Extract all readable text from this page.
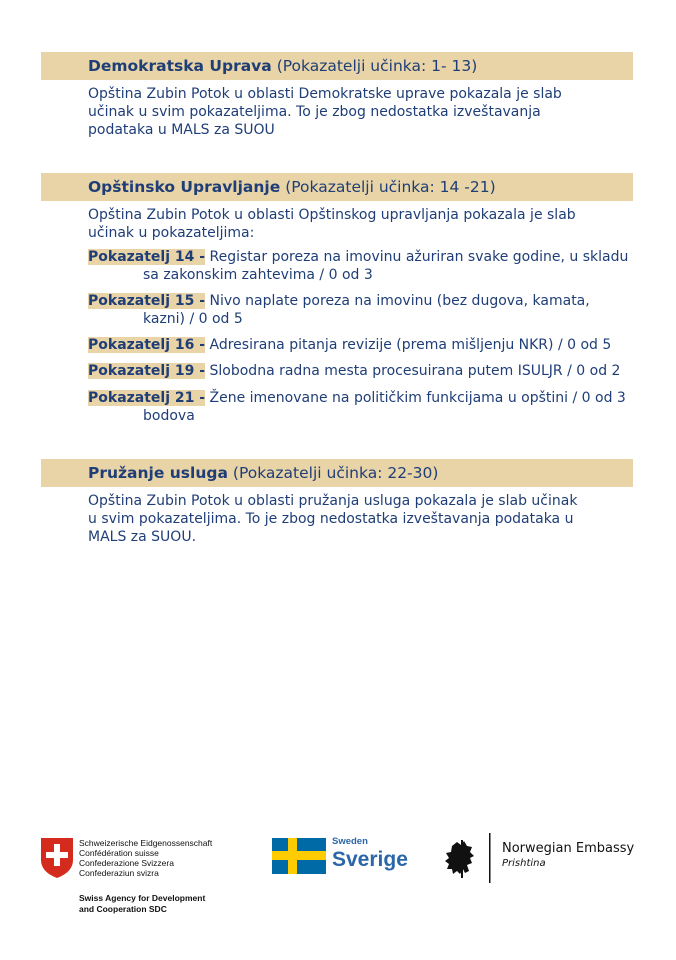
Demokratska Uprava (Pokazatelji učinka: 1- 13)
Opština Zubin Potok u oblasti Demokratske uprave pokazala je slab
učinak u svim pokazateljima. To je zbog nedostatka izveštavanja
podataka u MALS za SUOU
Opštinsko Upravljanje (Pokazatelji učinka: 14 -21)
Opština Zubin Potok u oblasti Opštinskog upravljanja pokazala je slab
učinak u pokazateljima:
Pokazatelj 14 - Registar poreza na imovinu ažuriran svake godine, u skladu
sa zakonskim zahtevima / 0 od 3
Pokazatelj 15 - Nivo naplate poreza na imovinu (bez dugova, kamata,
kazni) / 0 od 5
Pokazatelj 16 - Adresirana pitanja revizije (prema mišljenju NKR) / 0 od 5
Pokazatelj 19 - Slobodna radna mesta procesuirana putem ISULJR / 0 od 2
Pokazatelj 21 - Žene imenovane na političkim funkcijama u opštini / 0 od 3
bodova
Pružanje usluga (Pokazatelji učinka: 22-30)
Opština Zubin Potok u oblasti pružanja usluga pokazala je slab učinak
u svim pokazateljima. To je zbog nedostatka izveštavanja podataka u
MALS za SUOU.
Schweizerische Eidgenossenschaft
Confédération suisse
Confederazione Svizzera
Confederaziun svizra
Swiss Agency for Development
and Cooperation SDC
Sweden
Sverige	Norwegian Embassy
Prishtina
